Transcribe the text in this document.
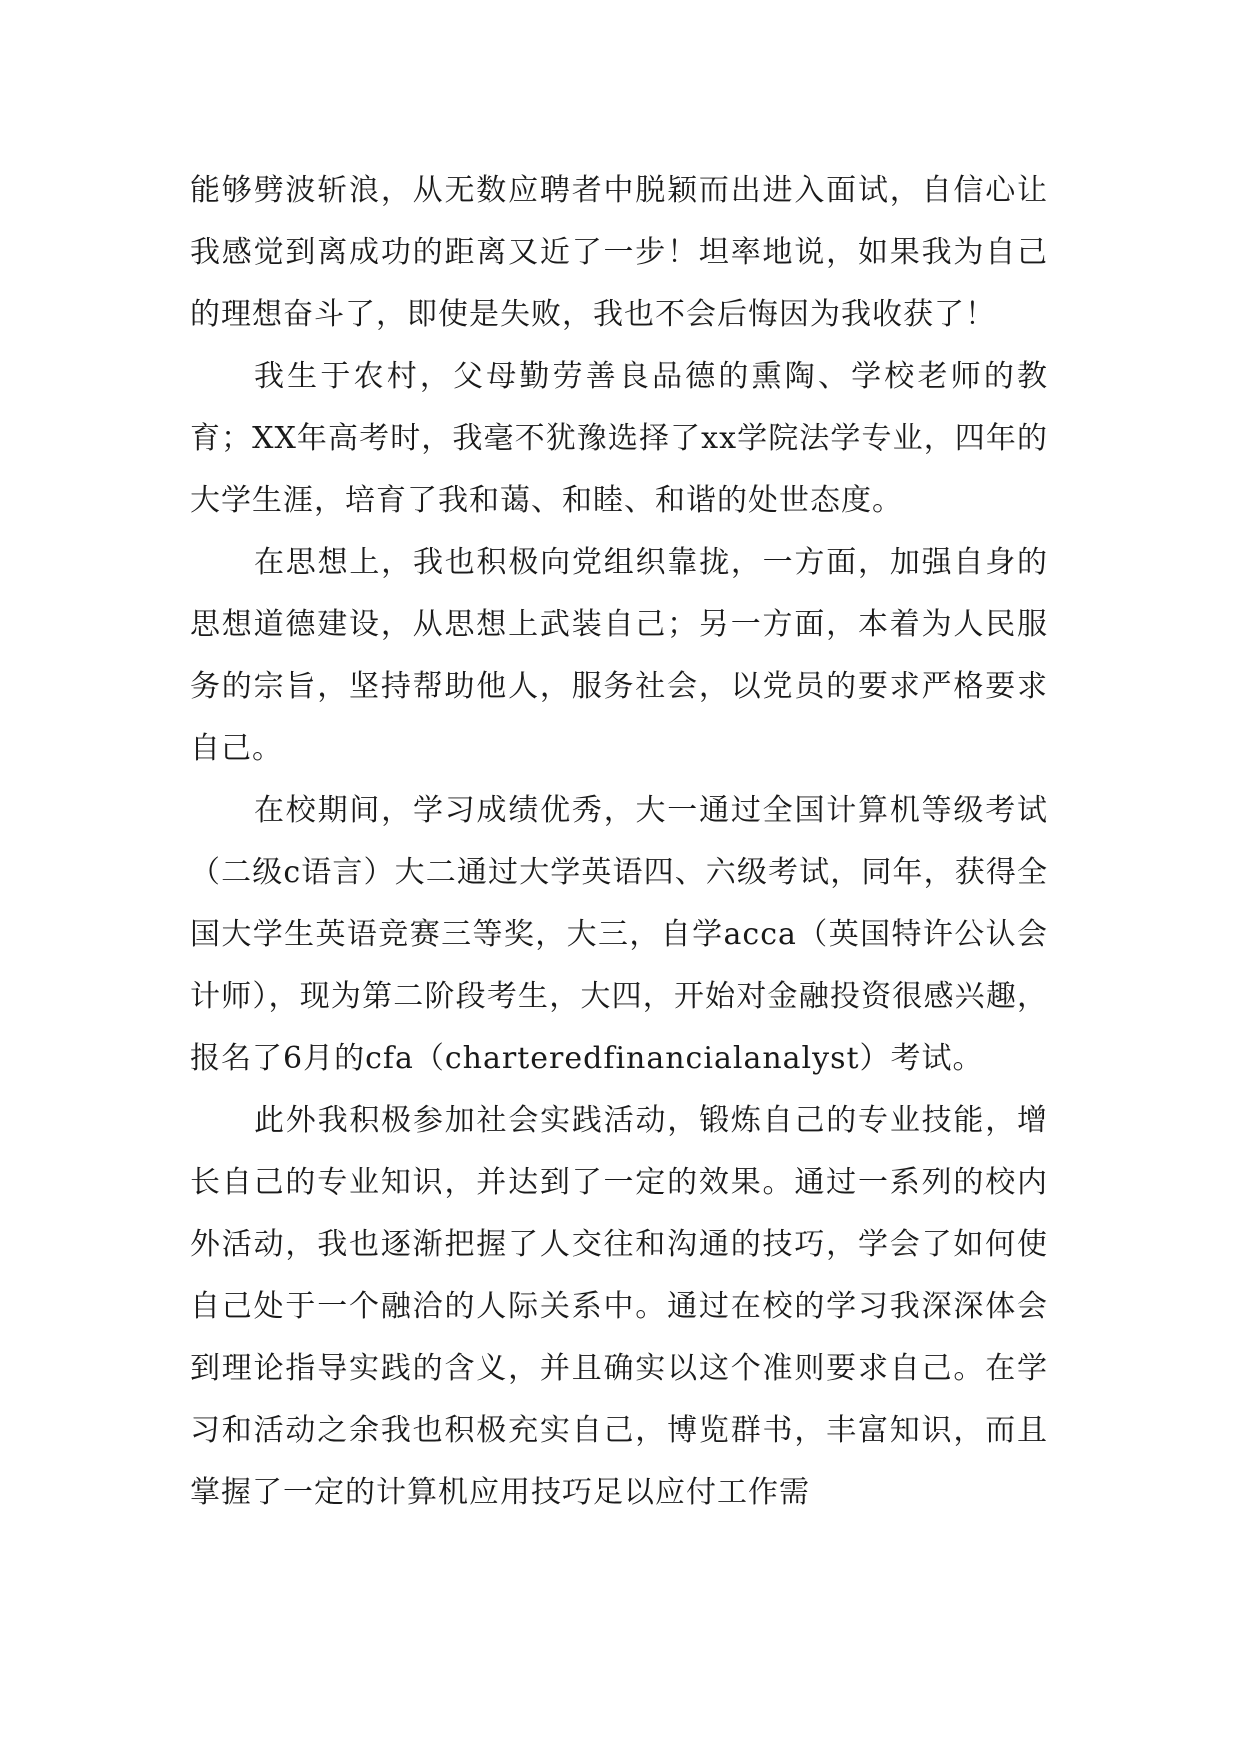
能够劈波斩浪，从无数应聘者中脱颖而出进入面试，自信心让我感觉到离成功的距离又近了一步！坦率地说，如果我为自己的理想奋斗了，即使是失败，我也不会后悔因为我收获了！

我生于农村，父母勤劳善良品德的熏陶、学校老师的教育；XX年高考时，我毫不犹豫选择了xx学院法学专业，四年的大学生涯，培育了我和蔼、和睦、和谐的处世态度。

在思想上，我也积极向党组织靠拢，一方面，加强自身的思想道德建设，从思想上武装自己；另一方面，本着为人民服务的宗旨，坚持帮助他人，服务社会，以党员的要求严格要求自己。

在校期间，学习成绩优秀，大一通过全国计算机等级考试（二级c语言）大二通过大学英语四、六级考试，同年，获得全国大学生英语竞赛三等奖，大三，自学acca（英国特许公认会计师），现为第二阶段考生，大四，开始对金融投资很感兴趣，报名了6月的cfa（charteredfinancialanalyst）考试。

此外我积极参加社会实践活动，锻炼自己的专业技能，增长自己的专业知识，并达到了一定的效果。通过一系列的校内外活动，我也逐渐把握了人交往和沟通的技巧，学会了如何使自己处于一个融洽的人际关系中。通过在校的学习我深深体会到理论指导实践的含义，并且确实以这个准则要求自己。在学习和活动之余我也积极充实自己，博览群书，丰富知识，而且掌握了一定的计算机应用技巧足以应付工作需
